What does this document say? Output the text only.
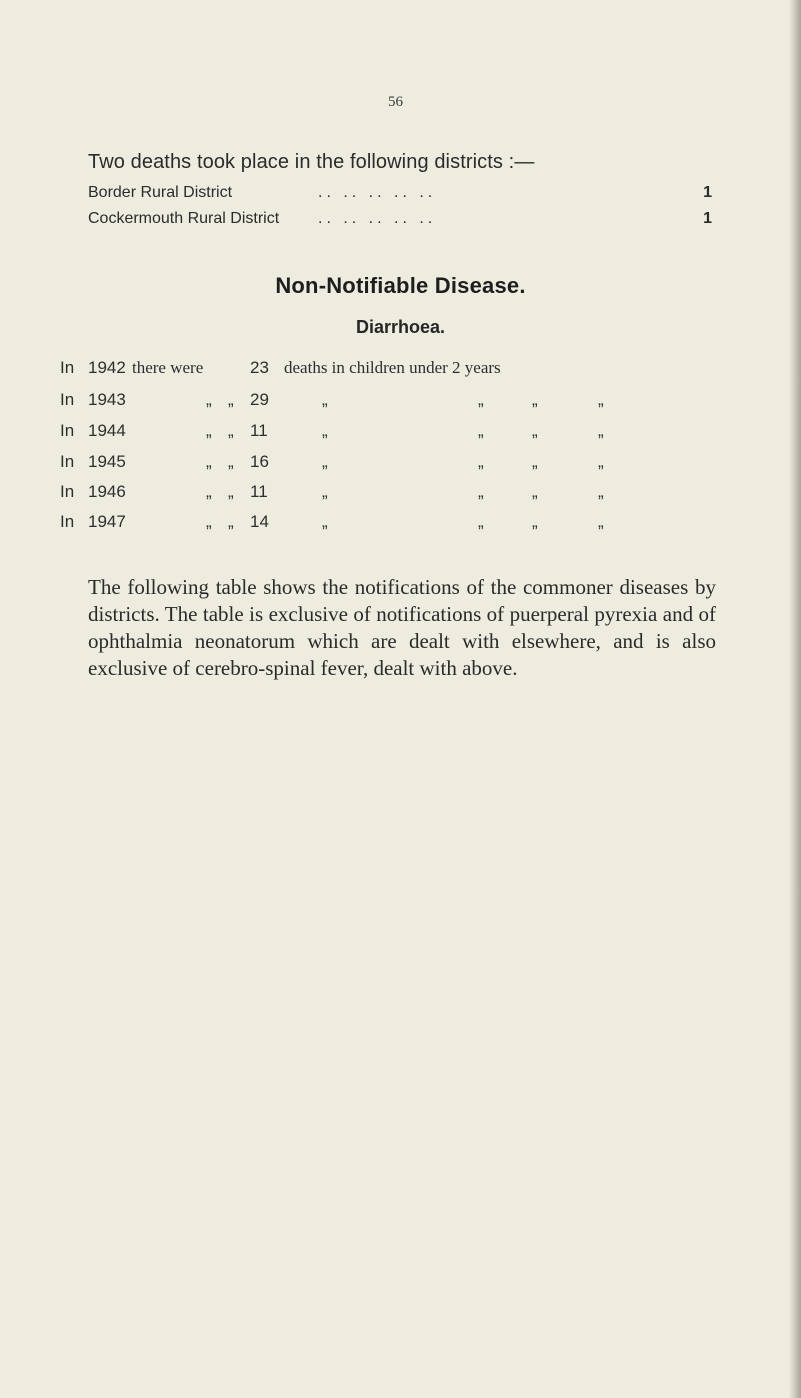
56
Two deaths took place in the following districts :—
Border Rural District	.. .. .. .. ..	1
Cockermouth Rural District .. .. .. .. ..	1
Non-Notifiable Disease.
Diarrhoea.
In 1942 there were	23 deaths in children under 2 years
In 1943	„ „ 29	„	„	„	„
In 1944	„ „ 11	„	„	„	„
In 1945	„ „ 16	„	„	„	„
In 1946	„ „ 11	„	„	„	„
In 1947	„ „ 14	„	„	„	„

The following table shows the notifications of the commoner diseases by districts. The table is exclusive of notifications of puerperal pyrexia and of ophthalmia neonatorum which are dealt with elsewhere, and is also exclusive of cerebro-spinal fever, dealt with above.
